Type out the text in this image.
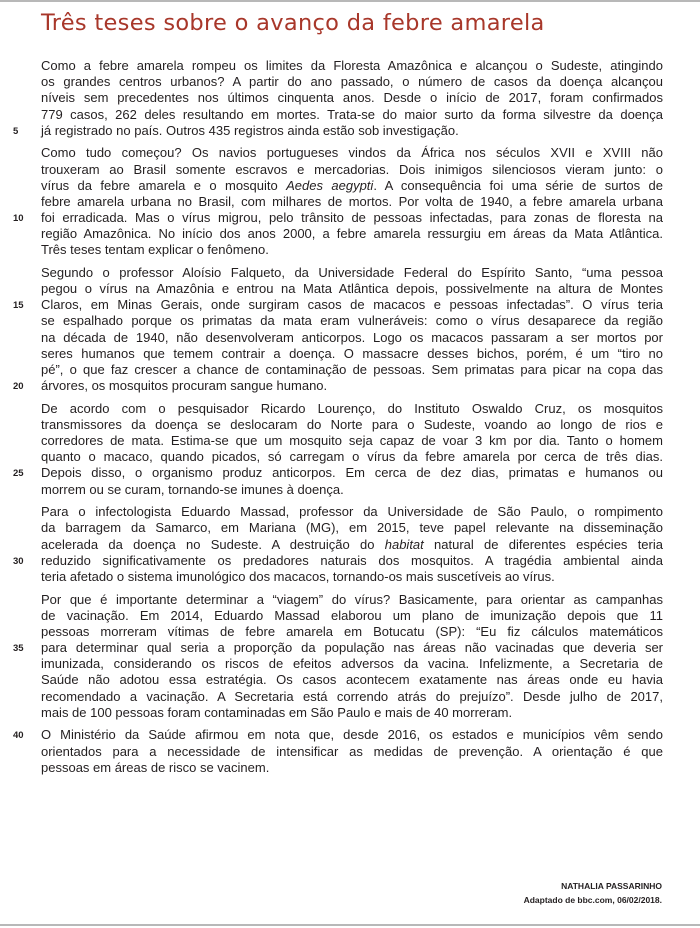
Três teses sobre o avanço da febre amarela
Como a febre amarela rompeu os limites da Floresta Amazônica e alcançou o Sudeste, atingindo
os grandes centros urbanos? A partir do ano passado, o número de casos da doença alcançou
níveis sem precedentes nos últimos cinquenta anos. Desde o início de 2017, foram confirmados
779 casos, 262 deles resultando em mortes. Trata-se do maior surto da forma silvestre da doença
já registrado no país. Outros 435 registros ainda estão sob investigação.
Como tudo começou? Os navios portugueses vindos da África nos séculos XVII e XVIII não
trouxeram ao Brasil somente escravos e mercadorias. Dois inimigos silenciosos vieram junto: o
vírus da febre amarela e o mosquito Aedes aegypti. A consequência foi uma série de surtos de
febre amarela urbana no Brasil, com milhares de mortos. Por volta de 1940, a febre amarela urbana
foi erradicada. Mas o vírus migrou, pelo trânsito de pessoas infectadas, para zonas de floresta na
região Amazônica. No início dos anos 2000, a febre amarela ressurgiu em áreas da Mata Atlântica.
Três teses tentam explicar o fenômeno.
Segundo o professor Aloísio Falqueto, da Universidade Federal do Espírito Santo, “uma pessoa
pegou o vírus na Amazônia e entrou na Mata Atlântica depois, possivelmente na altura de Montes
Claros, em Minas Gerais, onde surgiram casos de macacos e pessoas infectadas”. O vírus teria
se espalhado porque os primatas da mata eram vulneráveis: como o vírus desaparece da região
na década de 1940, não desenvolveram anticorpos. Logo os macacos passaram a ser mortos por
seres humanos que temem contrair a doença. O massacre desses bichos, porém, é um “tiro no
pé”, o que faz crescer a chance de contaminação de pessoas. Sem primatas para picar na copa das
árvores, os mosquitos procuram sangue humano.
De acordo com o pesquisador Ricardo Lourenço, do Instituto Oswaldo Cruz, os mosquitos
transmissores da doença se deslocaram do Norte para o Sudeste, voando ao longo de rios e
corredores de mata. Estima-se que um mosquito seja capaz de voar 3 km por dia. Tanto o homem
quanto o macaco, quando picados, só carregam o vírus da febre amarela por cerca de três dias.
Depois disso, o organismo produz anticorpos. Em cerca de dez dias, primatas e humanos ou
morrem ou se curam, tornando-se imunes à doença.
Para o infectologista Eduardo Massad, professor da Universidade de São Paulo, o rompimento
da barragem da Samarco, em Mariana (MG), em 2015, teve papel relevante na disseminação
acelerada da doença no Sudeste. A destruição do habitat natural de diferentes espécies teria
reduzido significativamente os predadores naturais dos mosquitos. A tragédia ambiental ainda
teria afetado o sistema imunológico dos macacos, tornando-os mais suscetíveis ao vírus.
Por que é importante determinar a “viagem” do vírus? Basicamente, para orientar as campanhas
de vacinação. Em 2014, Eduardo Massad elaborou um plano de imunização depois que 11
pessoas morreram vítimas de febre amarela em Botucatu (SP): “Eu fiz cálculos matemáticos
para determinar qual seria a proporção da população nas áreas não vacinadas que deveria ser
imunizada, considerando os riscos de efeitos adversos da vacina. Infelizmente, a Secretaria de
Saúde não adotou essa estratégia. Os casos acontecem exatamente nas áreas onde eu havia
recomendado a vacinação. A Secretaria está correndo atrás do prejuízo”. Desde julho de 2017,
mais de 100 pessoas foram contaminadas em São Paulo e mais de 40 morreram.
O Ministério da Saúde afirmou em nota que, desde 2016, os estados e municípios vêm sendo
orientados para a necessidade de intensificar as medidas de prevenção. A orientação é que
pessoas em áreas de risco se vacinem.
5
10
15
20
25
30
35
40
NATHALIA PASSARINHO
Adaptado de bbc.com, 06/02/2018.
